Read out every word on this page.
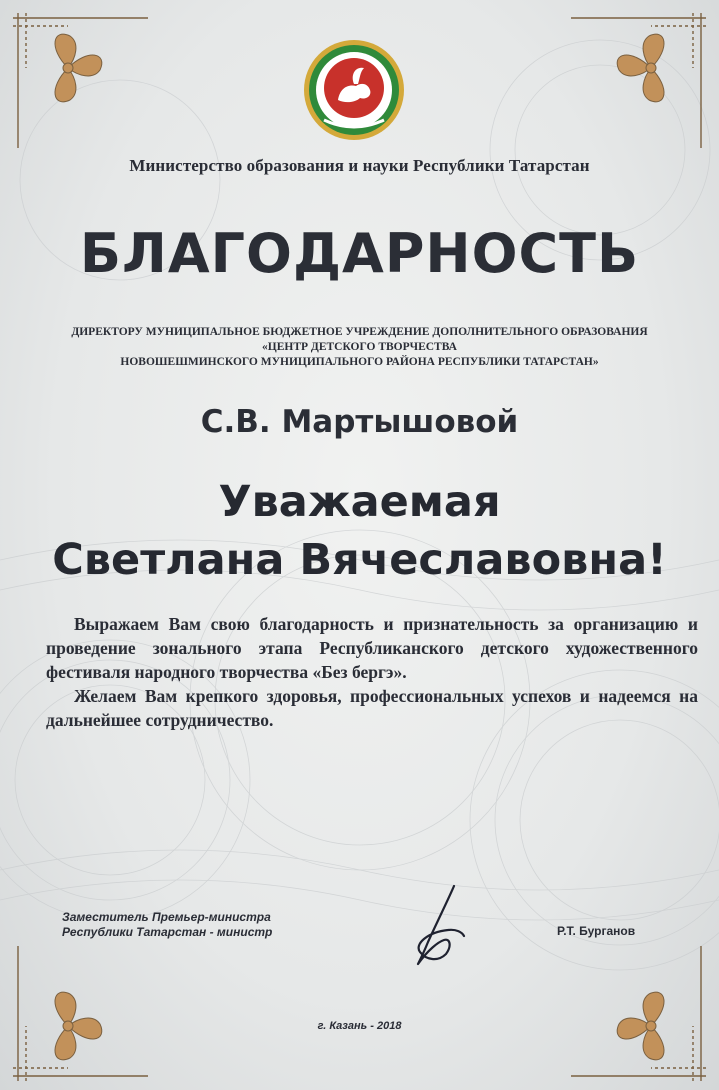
Министерство образования и науки Республики Татарстан
БЛАГОДАРНОСТЬ
ДИРЕКТОРУ МУНИЦИПАЛЬНОЕ БЮДЖЕТНОЕ УЧРЕЖДЕНИЕ ДОПОЛНИТЕЛЬНОГО ОБРАЗОВАНИЯ
«ЦЕНТР ДЕТСКОГО ТВОРЧЕСТВА
НОВОШЕШМИНСКОГО МУНИЦИПАЛЬНОГО РАЙОНА РЕСПУБЛИКИ ТАТАРСТАН»
С.В. Мартышовой
Уважаемая
Светлана Вячеславовна!

Выражаем Вам свою благодарность и признательность за организацию и проведение зонального этапа Республиканского детского художественного фестиваля народного творчества «Без бергэ».

Желаем Вам крепкого здоровья, профессиональных успехов и надеемся на дальнейшее сотрудничество.

Заместитель Премьер-министра
Республики Татарстан - министр	Р.Т. Бурганов
г. Казань - 2018
